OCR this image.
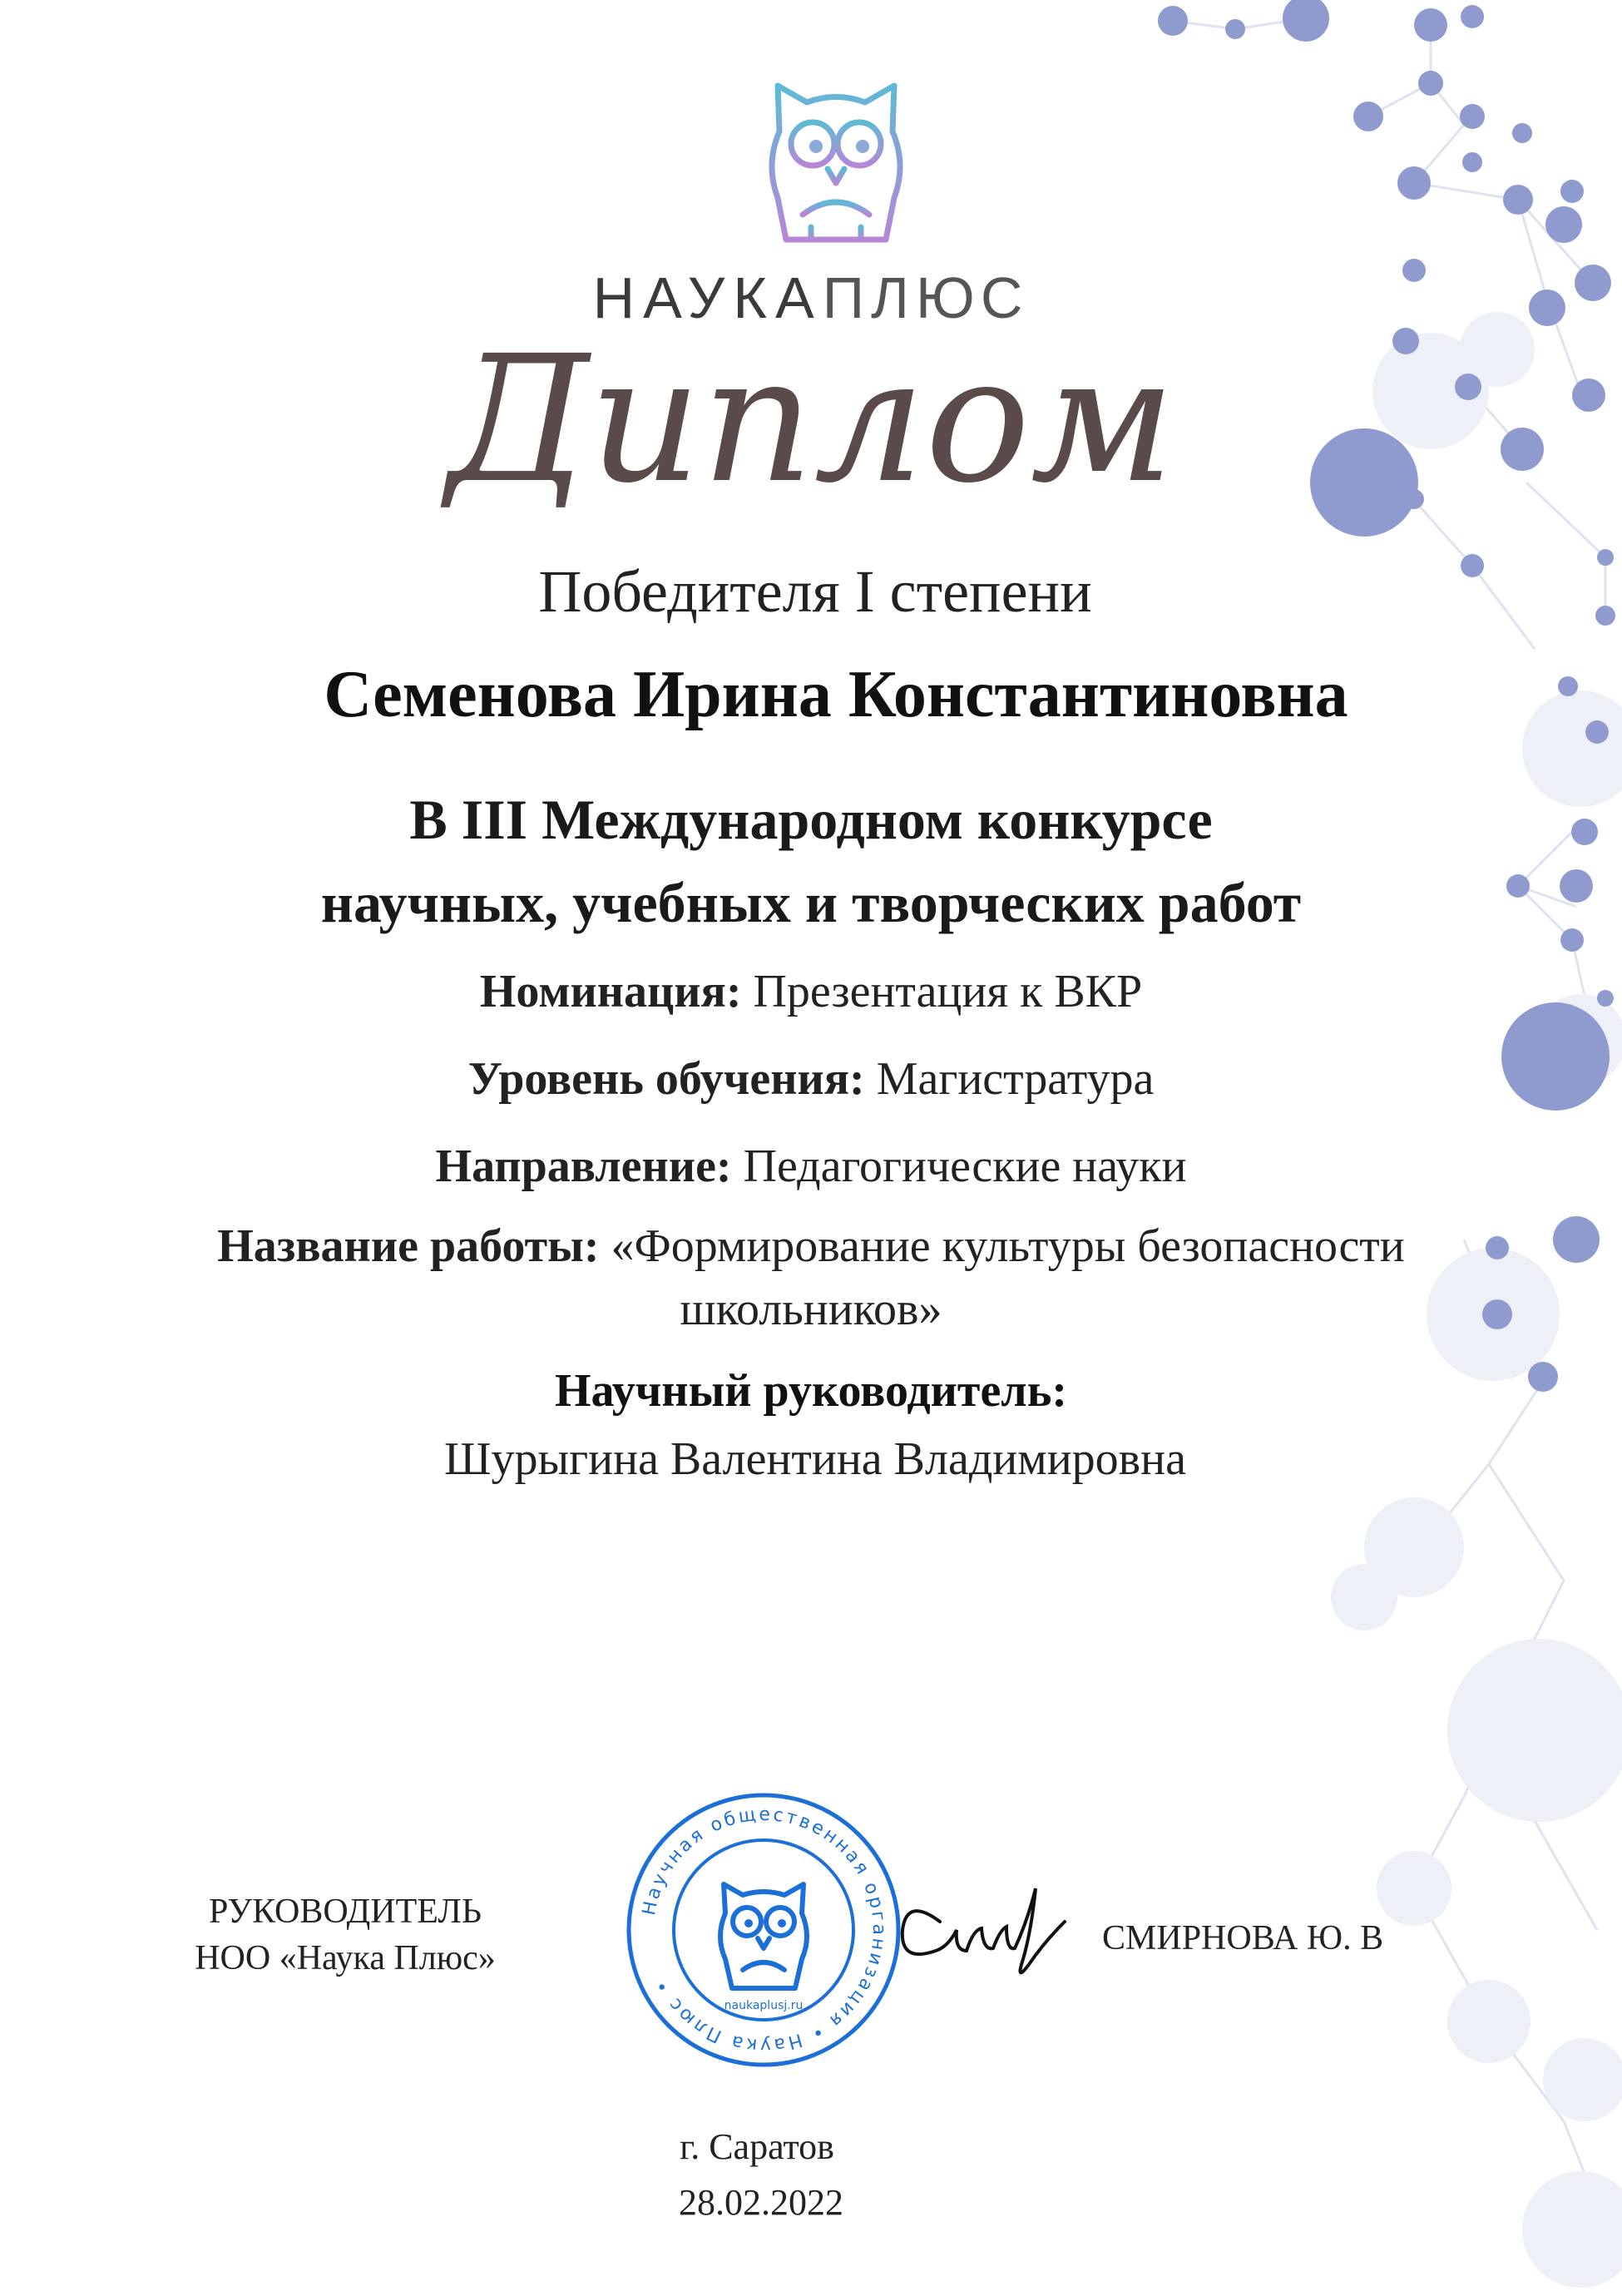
НАУКАПЛЮС
Диплом
Победителя I степени
Семенова Ирина Константиновна
В III Международном конкурсе
научных, учебных и творческих работ
Номинация: Презентация к ВКР
Уровень обучения: Магистратура
Направление: Педагогические науки
Название работы: «Формирование культуры безопасности
школьников»
Научный руководитель:
Шурыгина Валентина Владимировна
РУКОВОДИТЕЛЬ
НОО «Наука Плюс»
Научная общественная организация • Наука Плюс •
naukaplusj.ru
СМИРНОВА Ю. В
г. Саратов
28.02.2022
